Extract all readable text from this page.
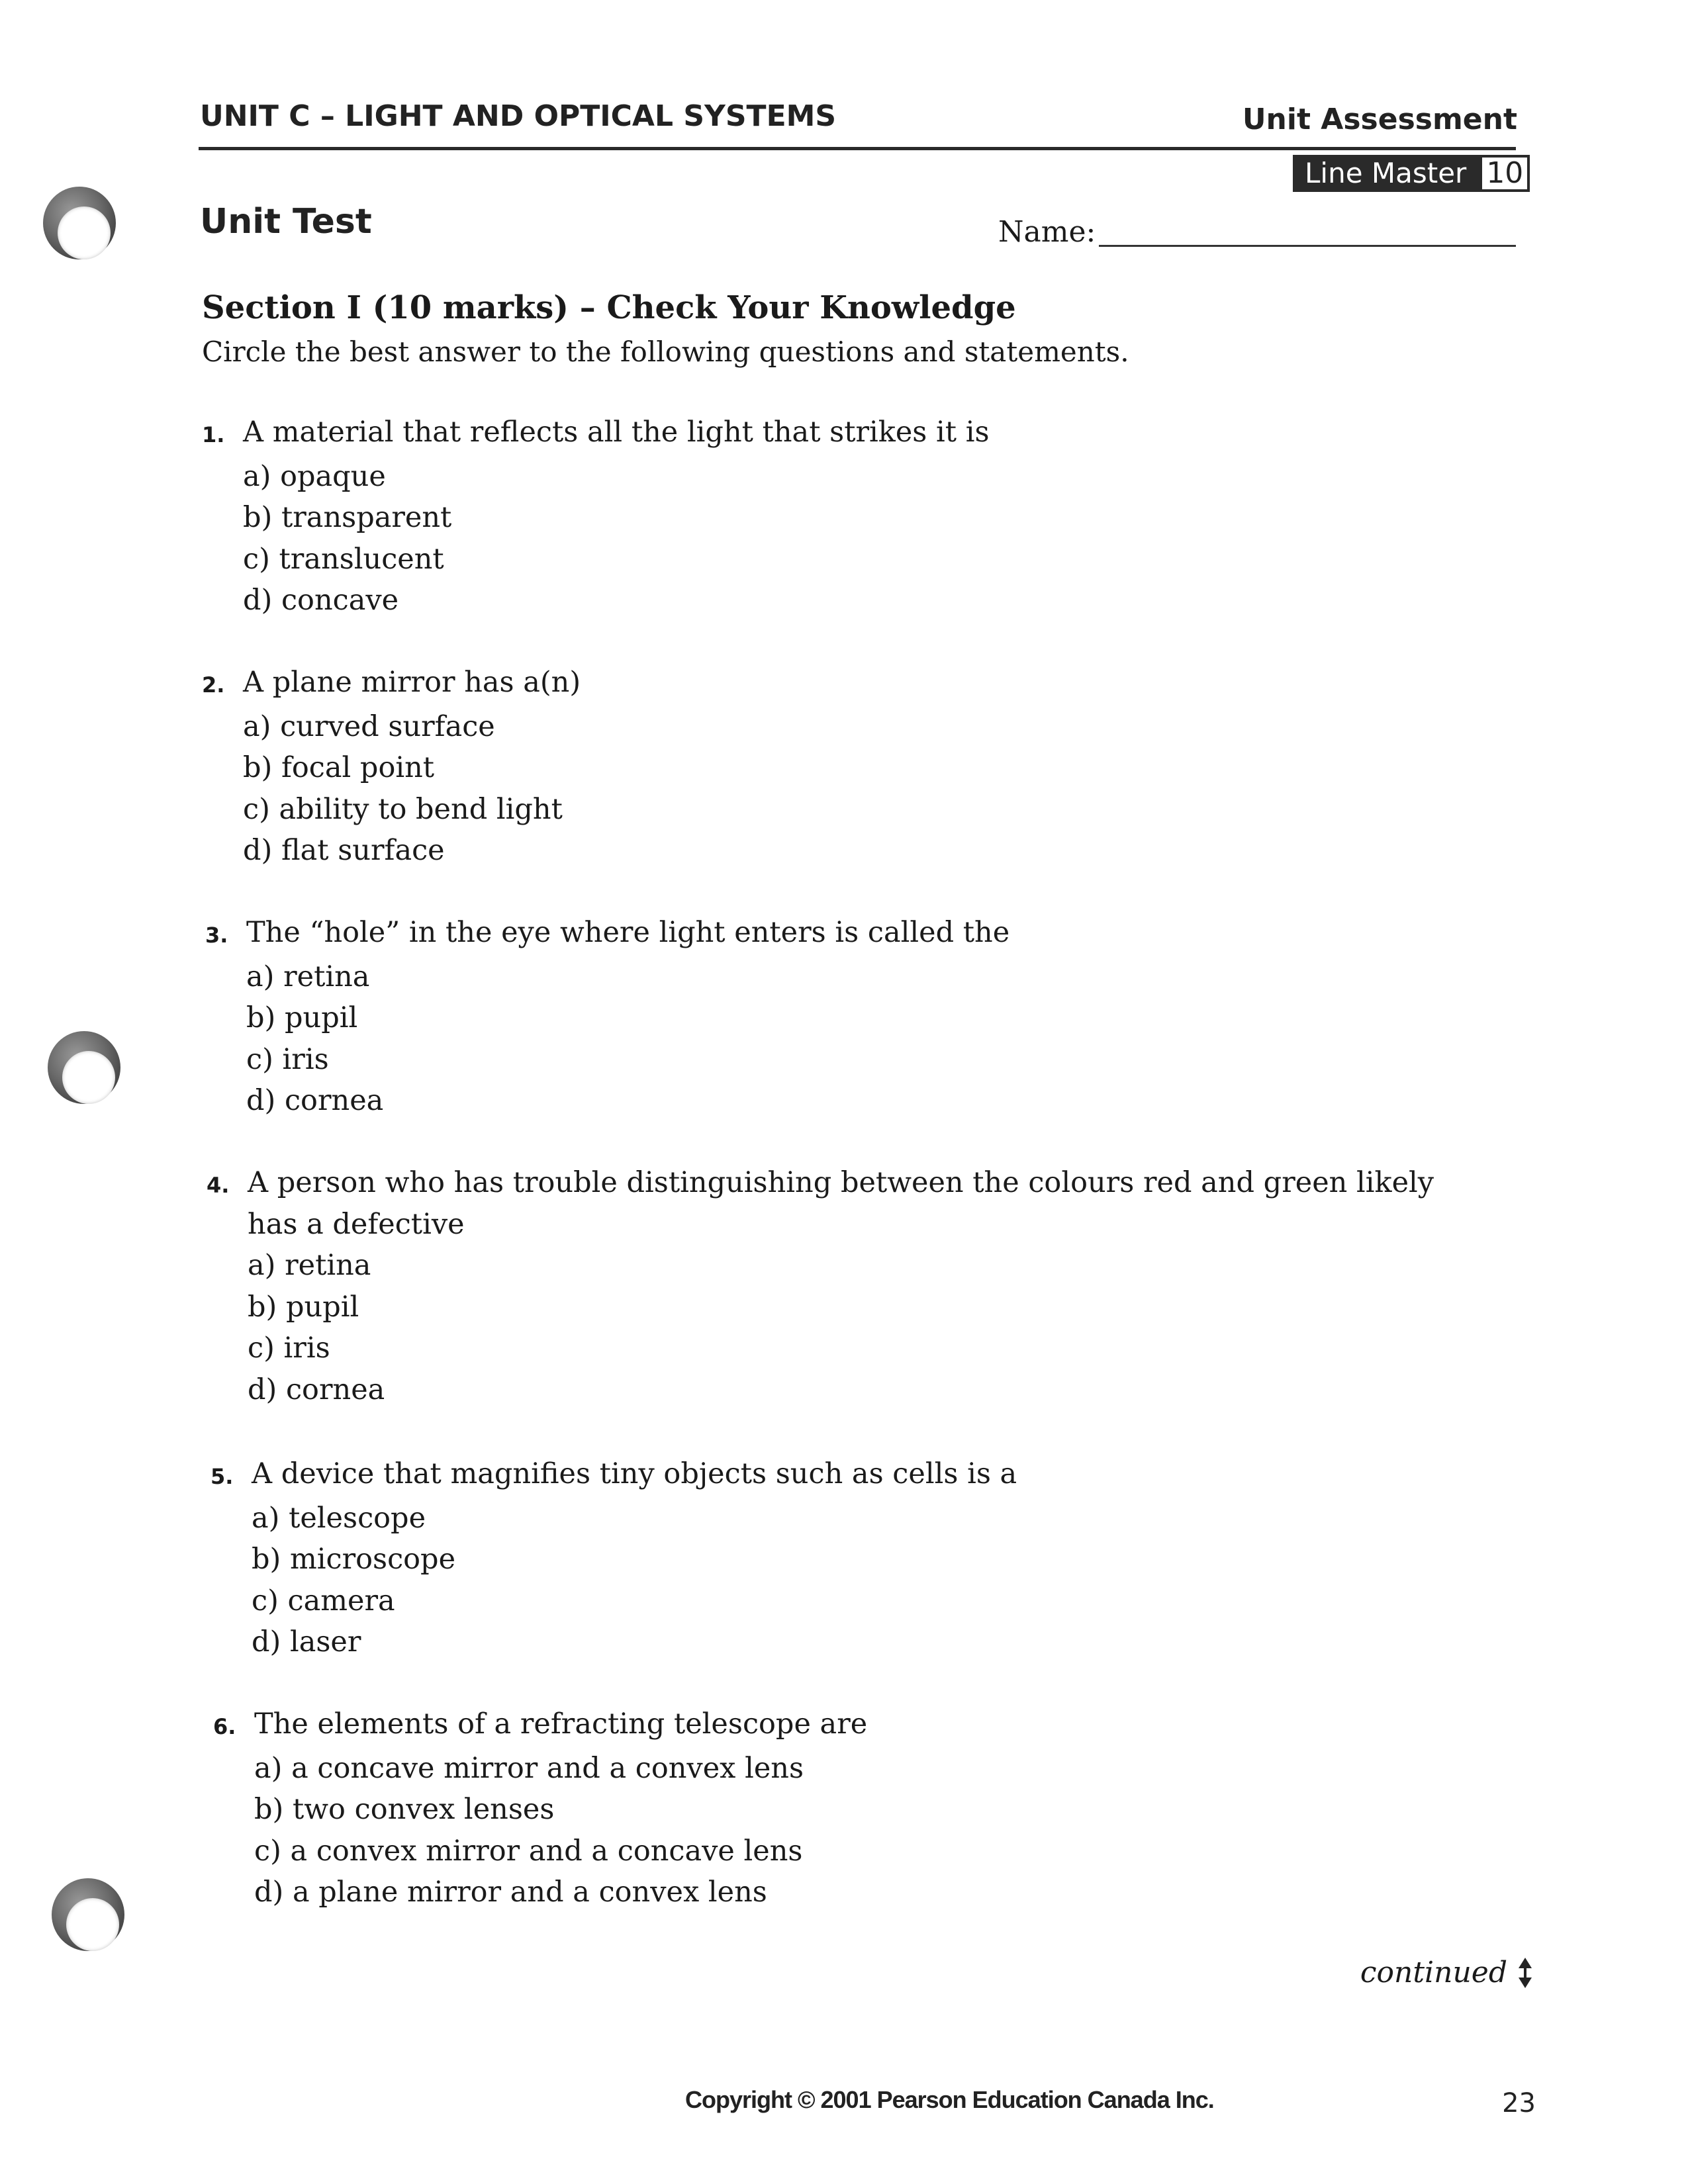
UNIT C – LIGHT AND OPTICAL SYSTEMS	Unit Assessment
Line Master 10
Unit Test	Name:
Section I (10 marks) – Check Your Knowledge
Circle the best answer to the following questions and statements.
1. A material that reflects all the light that strikes it is
a) opaque
b) transparent
c) translucent
d) concave
2. A plane mirror has a(n)
a) curved surface
b) focal point
c) ability to bend light
d) flat surface
3. The “hole” in the eye where light enters is called the
a) retina
b) pupil
c) iris
d) cornea
4. A person who has trouble distinguishing between the colours red and green likely has a defective
a) retina
b) pupil
c) iris
d) cornea
5. A device that magnifies tiny objects such as cells is a
a) telescope
b) microscope
c) camera
d) laser
6. The elements of a refracting telescope are
a) a concave mirror and a convex lens
b) two convex lenses
c) a convex mirror and a concave lens
d) a plane mirror and a convex lens
continued
Copyright © 2001 Pearson Education Canada Inc.	23
